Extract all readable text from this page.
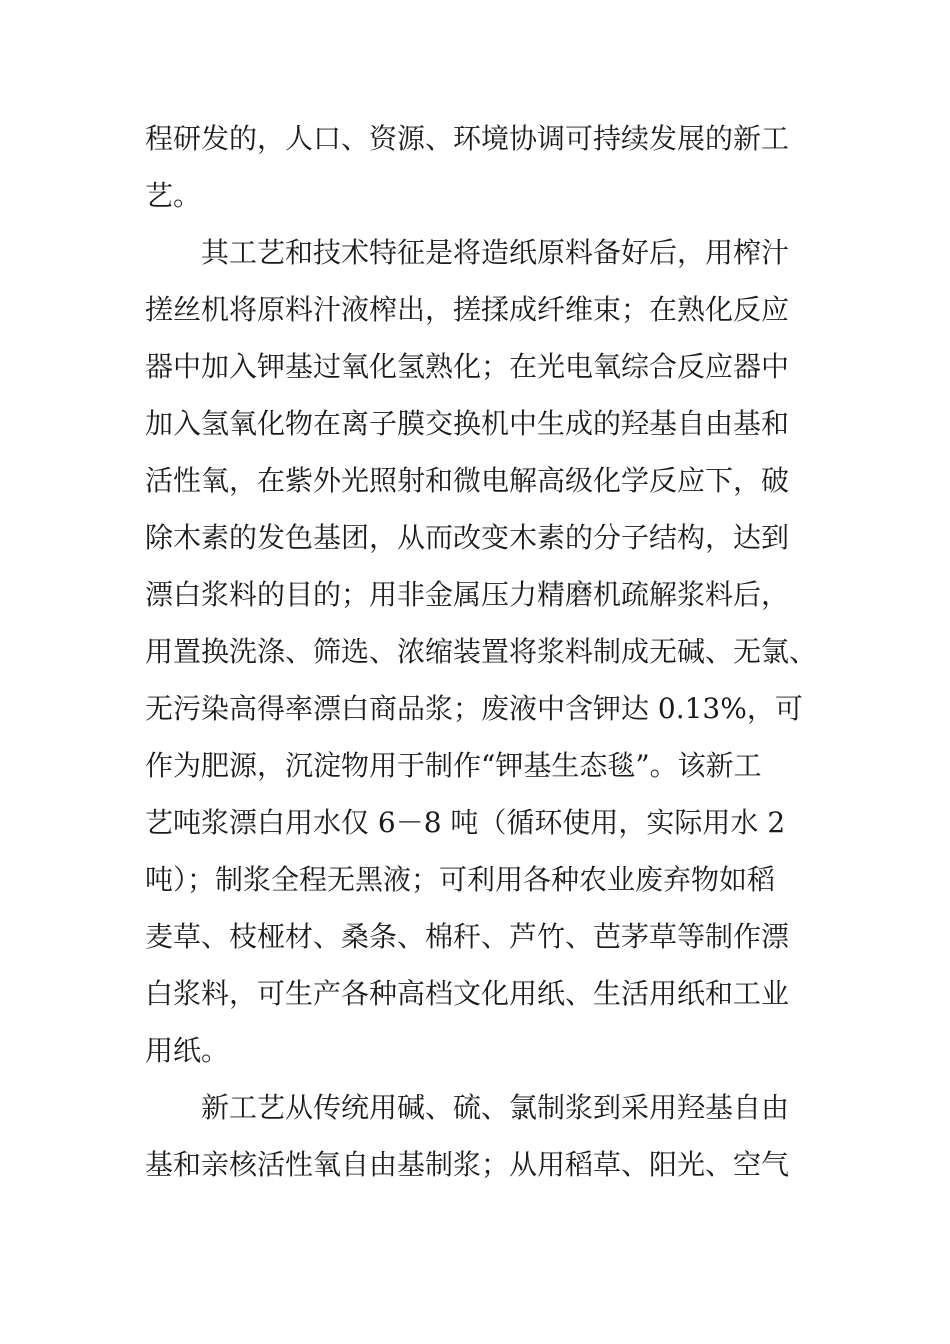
程研发的，人口、资源、环境协调可持续发展的新工
艺。
其工艺和技术特征是将造纸原料备好后，用榨汁
搓丝机将原料汁液榨出，搓揉成纤维束；在熟化反应
器中加入钾基过氧化氢熟化；在光电氧综合反应器中
加入氢氧化物在离子膜交换机中生成的羟基自由基和
活性氧，在紫外光照射和微电解高级化学反应下，破
除木素的发色基团，从而改变木素的分子结构，达到
漂白浆料的目的；用非金属压力精磨机疏解浆料后，
用置换洗涤、筛选、浓缩装置将浆料制成无碱、无氯、
无污染高得率漂白商品浆；废液中含钾达 0.13%，可
作为肥源，沉淀物用于制作“钾基生态毯”。该新工
艺吨浆漂白用水仅 6－8 吨（循环使用，实际用水 2
吨）；制浆全程无黑液；可利用各种农业废弃物如稻
麦草、枝桠材、桑条、棉秆、芦竹、芭茅草等制作漂
白浆料，可生产各种高档文化用纸、生活用纸和工业
用纸。
新工艺从传统用碱、硫、氯制浆到采用羟基自由
基和亲核活性氧自由基制浆；从用稻草、阳光、空气
